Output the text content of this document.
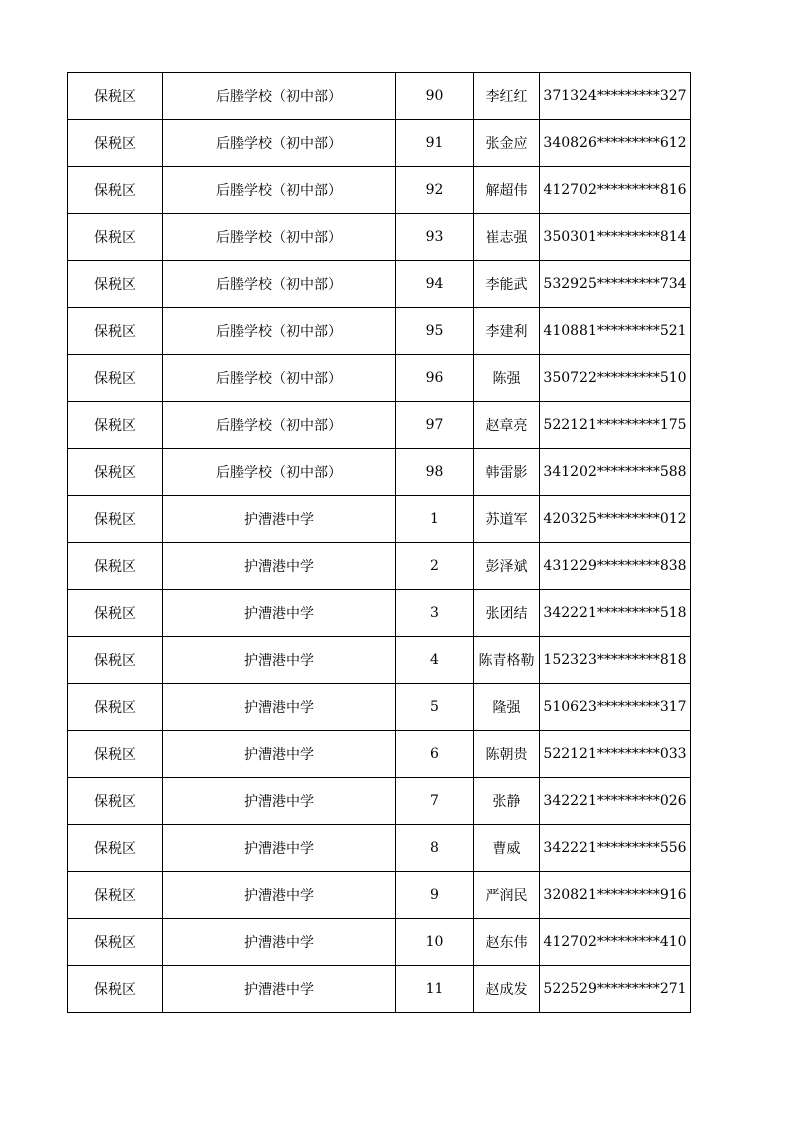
保税区	后塍学校（初中部）	90	李红红	371324*********327
保税区	后塍学校（初中部）	91	张金应	340826*********612
保税区	后塍学校（初中部）	92	解超伟	412702*********816
保税区	后塍学校（初中部）	93	崔志强	350301*********814
保税区	后塍学校（初中部）	94	李能武	532925*********734
保税区	后塍学校（初中部）	95	李建利	410881*********521
保税区	后塍学校（初中部）	96	陈强	350722*********510
保税区	后塍学校（初中部）	97	赵章亮	522121*********175
保税区	后塍学校（初中部）	98	韩雷影	341202*********588
保税区	护漕港中学	1	苏道军	420325*********012
保税区	护漕港中学	2	彭泽斌	431229*********838
保税区	护漕港中学	3	张团结	342221*********518
保税区	护漕港中学	4	陈青格勒	152323*********818
保税区	护漕港中学	5	隆强	510623*********317
保税区	护漕港中学	6	陈朝贵	522121*********033
保税区	护漕港中学	7	张静	342221*********026
保税区	护漕港中学	8	曹威	342221*********556
保税区	护漕港中学	9	严润民	320821*********916
保税区	护漕港中学	10	赵东伟	412702*********410
保税区	护漕港中学	11	赵成发	522529*********271
